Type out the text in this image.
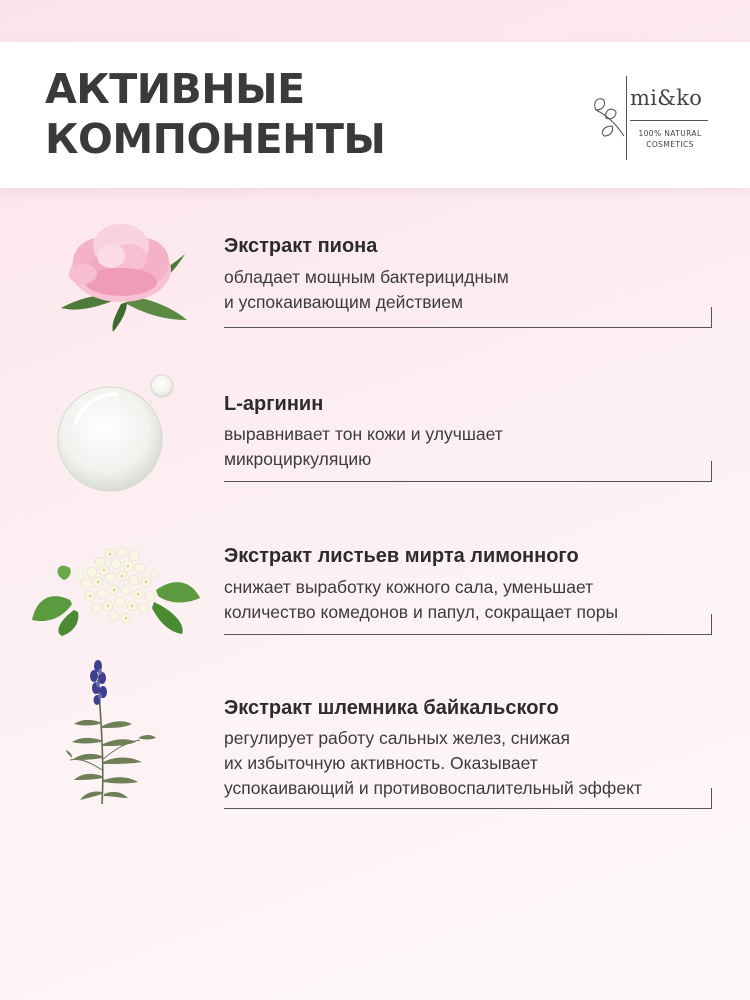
АКТИВНЫЕ
КОМПОНЕНТЫ
mi&ko
100% NATURAL
COSMETICS
Экстракт пиона

обладает мощным бактерицидным
и успокаивающим действием

L-аргинин

выравнивает тон кожи и улучшает
микроциркуляцию

Экстракт листьев мирта лимонного

снижает выработку кожного сала, уменьшает
количество комедонов и папул, сокращает поры

Экстракт шлемника байкальского

регулирует работу сальных желез, снижая
их избыточную активность. Оказывает
успокаивающий и противовоспалительный эффект
